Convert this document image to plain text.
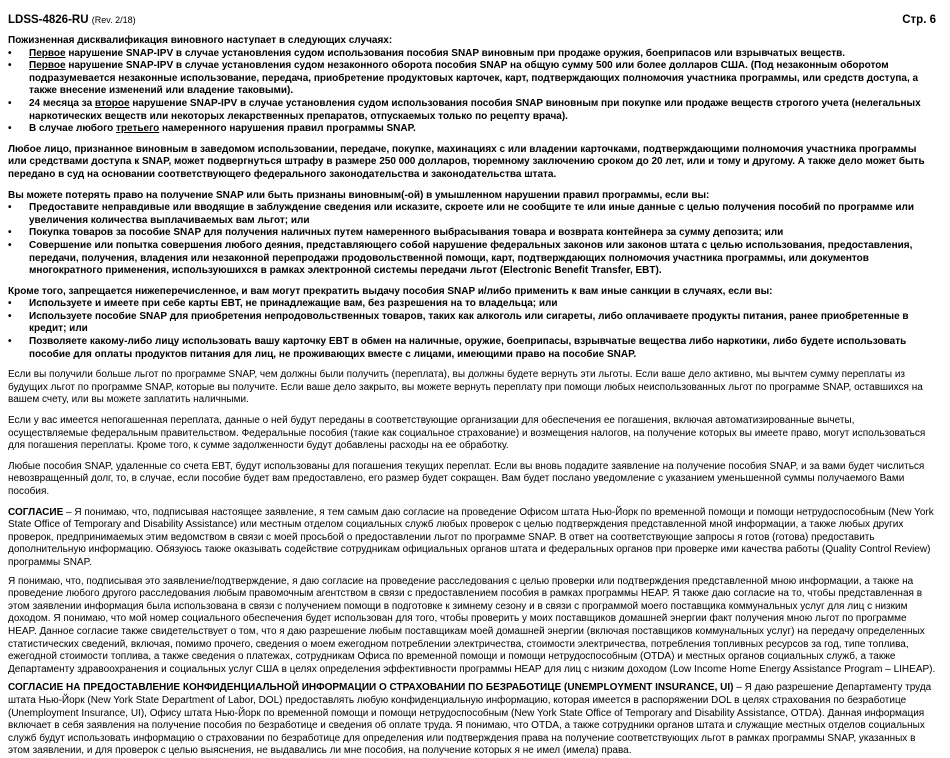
LDSS-4826-RU (Rev. 2/18)	Стр. 6

Пожизненная дисквалификация виновного наступает в следующих случаях:

• Первое нарушение SNAP-IPV в случае установления судом использования пособия SNAP виновным при продаже оружия, боеприпасов или взрывчатых веществ.
• Первое нарушение SNAP-IPV в случае установления судом незаконного оборота пособия SNAP на общую сумму 500 или более долларов США. (Под незаконным оборотом подразумевается незаконные использование, передача, приобретение продуктовых карточек, карт, подтверждающих полномочия участника программы, или средств доступа, а также внесение изменений или владение таковыми).
• 24 месяца за второе нарушение SNAP-IPV в случае установления судом использования пособия SNAP виновным при покупке или продаже веществ строгого учета (нелегальных наркотических веществ или некоторых лекарственных препаратов, отпускаемых только по рецепту врача).
• В случае любого третьего намеренного нарушения правил программы SNAP.

Любое лицо, признанное виновным в заведомом использовании, передаче, покупке, махинациях с или владении карточками, подтверждающими полномочия участника программы или средствами доступа к SNAP, может подвергнуться штрафу в размере 250 000 долларов, тюремному заключению сроком до 20 лет, или и тому и другому. А также дело может быть передано в суд на основании соответствующего федерального законодательства и законодательства штата.

Вы можете потерять право на получение SNAP или быть признаны виновным(-ой) в умышленном нарушении правил программы, если вы:

• Предоставите неправдивые или вводящие в заблуждение сведения или исказите, скроете или не сообщите те или иные данные с целью получения пособий по программе или увеличения количества выплачиваемых вам льгот; или
• Покупка товаров за пособие SNAP для получения наличных путем намеренного выбрасывания товара и возврата контейнера за сумму депозита; или
• Совершение или попытка совершения любого деяния, представляющего собой нарушение федеральных законов или законов штата с целью использования, предоставления, передачи, получения, владения или незаконной перепродажи продовольственной помощи, карт, подтверждающих полномочия участника программы, или документов многократного применения, используюшихся в рамках электронной системы передачи льгот (Electronic Benefit Transfer, EBT).

Кроме того, запрещается нижеперечисленное, и вам могут прекратить выдачу пособия SNAP и/либо применить к вам иные санкции в случаях, если вы:

• Используете и имеете при себе карты EBT, не принадлежащие вам, без разрешения на то владельца; или
• Используете пособие SNAP для приобретения непродовольственных товаров, таких как алкоголь или сигареты, либо оплачиваете продукты питания, ранее приобретенные в кредит; или
• Позволяете какому-либо лицу использовать вашу карточку EBT в обмен на наличные, оружие, боеприпасы, взрывчатые вещества либо наркотики, либо будете использовать пособие для оплаты продуктов питания для лиц, не проживающих вместе с лицами, имеющими право на пособие SNAP.

Если вы получили больше льгот по программе SNAP, чем должны были получить (переплата), вы должны будете вернуть эти льготы. Если ваше дело активно, мы вычтем сумму переплаты из будущих льгот по программе SNAP, которые вы получите. Если ваше дело закрыто, вы можете вернуть переплату при помощи любых неиспользованных льгот по программе SNAP, оставшихся на вашем счету, или вы можете заплатить наличными.

Если у вас имеется непогашенная переплата, данные о ней будут переданы в соответствующие организации для обеспечения ее погашения, включая автоматизированные вычеты, осуществляемые федеральным правительством. Федеральные пособия (такие как социальное страхование) и возмещения налогов, на получение которых вы имеете право, могут использоваться для погашения переплаты. Кроме того, к сумме задолженности будут добавлены расходы на ее обработку.

Любые пособия SNAP, удаленные со счета EBT, будут использованы для погашения текущих переплат. Если вы вновь подадите заявление на получение пособия SNAP, и за вами будет числиться невозвращенный долг, то, в случае, если пособие будет вам предоставлено, его размер будет сокращен. Вам будет послано уведомление с указанием уменьшенной суммы получаемого Вами пособия.

СОГЛАСИЕ – Я понимаю, что, подписывая настоящее заявление, я тем самым даю согласие на проведение Офисом штата Нью-Йорк по временной помощи и помощи нетрудоспособным (New York State Office of Temporary and Disability Assistance) или местным отделом социальных служб любых проверок с целью подтверждения представленной мной информации, а также любых других проверок, предпринимаемых этим ведомством в связи с моей просьбой о предоставлении льгот по программе SNAP. В ответ на соответствующие запросы я готов (готова) предоставить дополнительную информацию. Обязуюсь также оказывать содействие сотрудникам официальных органов штата и федеральных органов при проверке ими качества работы (Quality Control Review) программы SNAP.

Я понимаю, что, подписывая это заявление/подтверждение, я даю согласие на проведение расследования с целью проверки или подтверждения представленной мною информации, а также на проведение любого другого расследования любым правомочным агентством в связи с предоставлением пособия в рамках программы HEAP. Я также даю согласие на то, чтобы представленная в этом заявлении информация была использована в связи с получением помощи в подготовке к зимнему сезону и в связи с программой моего поставщика коммунальных услуг для лиц с низким доходом. Я понимаю, что мой номер социального обеспечения будет использован для того, чтобы проверить у моих поставщиков домашней энергии факт получения мною льгот по программе HEAP. Данное согласие также свидетельствует о том, что я даю разрешение любым поставщикам моей домашней энергии (включая поставщиков коммунальных услуг) на передачу определенных статистических сведений, включая, помимо прочего, сведения о моем ежегодном потреблении электричества, стоимости электричества, потребления топливных ресурсов за год, типе топлива, ежегодной стоимости топлива, а также сведения о платежах, сотрудникам Офиса по временной помощи и помощи нетрудоспособным (OTDA) и местных органов социальных служб, а также Департаменту здравоохранения и социальных услуг США в целях определения эффективности программы HEAP для лиц с низким доходом (Low Income Home Energy Assistance Program – LIHEAP).

СОГЛАСИЕ НА ПРЕДОСТАВЛЕНИЕ КОНФИДЕНЦИАЛЬНОЙ ИНФОРМАЦИИ О СТРАХОВАНИИ ПО БЕЗРАБОТИЦЕ (UNEMPLOYMENT INSURANCE, UI) – Я даю разрешение Департаменту труда штата Нью-Йорк (New York State Department of Labor, DOL) предоставлять любую конфиденциальную информацию, которая имеется в распоряжении DOL в целях страхования по безработице (Unemployment Insurance, UI), Офису штата Нью-Йорк по временной помощи и помощи нетрудоспособным (New York State Office of Temporary and Disability Assistance, OTDA). Данная информация включает в себя заявления на получение пособия по безработице и сведения об оплате труда. Я понимаю, что OTDA, а также сотрудники органов штата и служащие местных отделов социальных служб будут использовать информацию о страховании по безработице для определения или подтверждения права на получение соответствующих льгот в рамках программы SNAP, указанных в этом заявлении, и для проверок с целью выяснения, не выдавались ли мне пособия, на получение которых я не имел (имела) права.
